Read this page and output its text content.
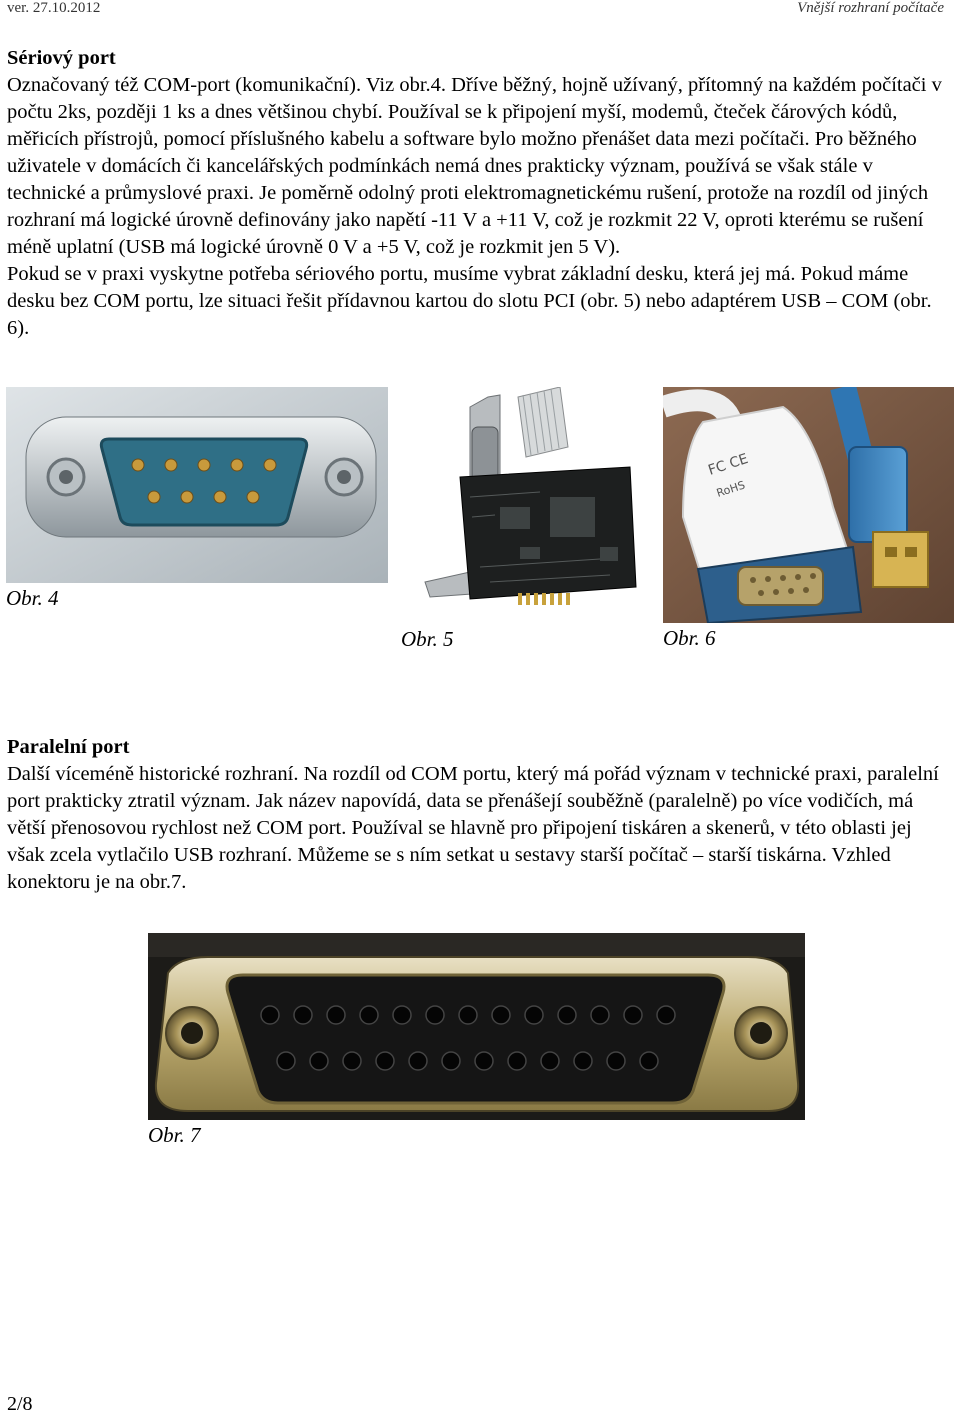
ver. 27.10.2012	Vnější rozhraní počítače

Sériový port

Označovaný též COM-port (komunikační). Viz obr.4. Dříve běžný, hojně užívaný, přítomný na každém počítači v počtu 2ks, později 1 ks a dnes většinou chybí. Používal se k připojení myší, modemů, čteček čárových kódů, měřicích přístrojů, pomocí příslušného kabelu a software bylo možno přenášet data mezi počítači. Pro běžného uživatele v domácích či kancelářských podmínkách nemá dnes prakticky význam, používá se však stále v technické a průmyslové praxi. Je poměrně odolný proti elektromagnetickému rušení, protože na rozdíl od jiných rozhraní má logické úrovně definovány jako napětí -11 V a +11 V, což je rozkmit 22 V, oproti kterému se rušení méně uplatní (USB má logické úrovně 0 V a +5 V, což je rozkmit jen 5 V).

Pokud se v praxi vyskytne potřeba sériového portu, musíme vybrat základní desku, která jej má. Pokud máme desku bez COM portu, lze situaci řešit přídavnou kartou do slotu PCI (obr. 5) nebo adaptérem USB – COM (obr. 6).

Obr. 4
Obr. 5
FC CE
RoHS
Obr. 6

Paralelní port

Další víceméně historické rozhraní. Na rozdíl od COM portu, který má pořád význam v technické praxi, paralelní port prakticky ztratil význam. Jak název napovídá, data se přenášejí souběžně (paralelně) po více vodičích, má větší přenosovou rychlost než COM port. Používal se hlavně pro připojení tiskáren a skenerů, v této oblasti jej však zcela vytlačilo USB rozhraní. Můžeme se s ním setkat u sestavy starší počítač – starší tiskárna. Vzhled konektoru je na obr.7.

Obr. 7
2/8
